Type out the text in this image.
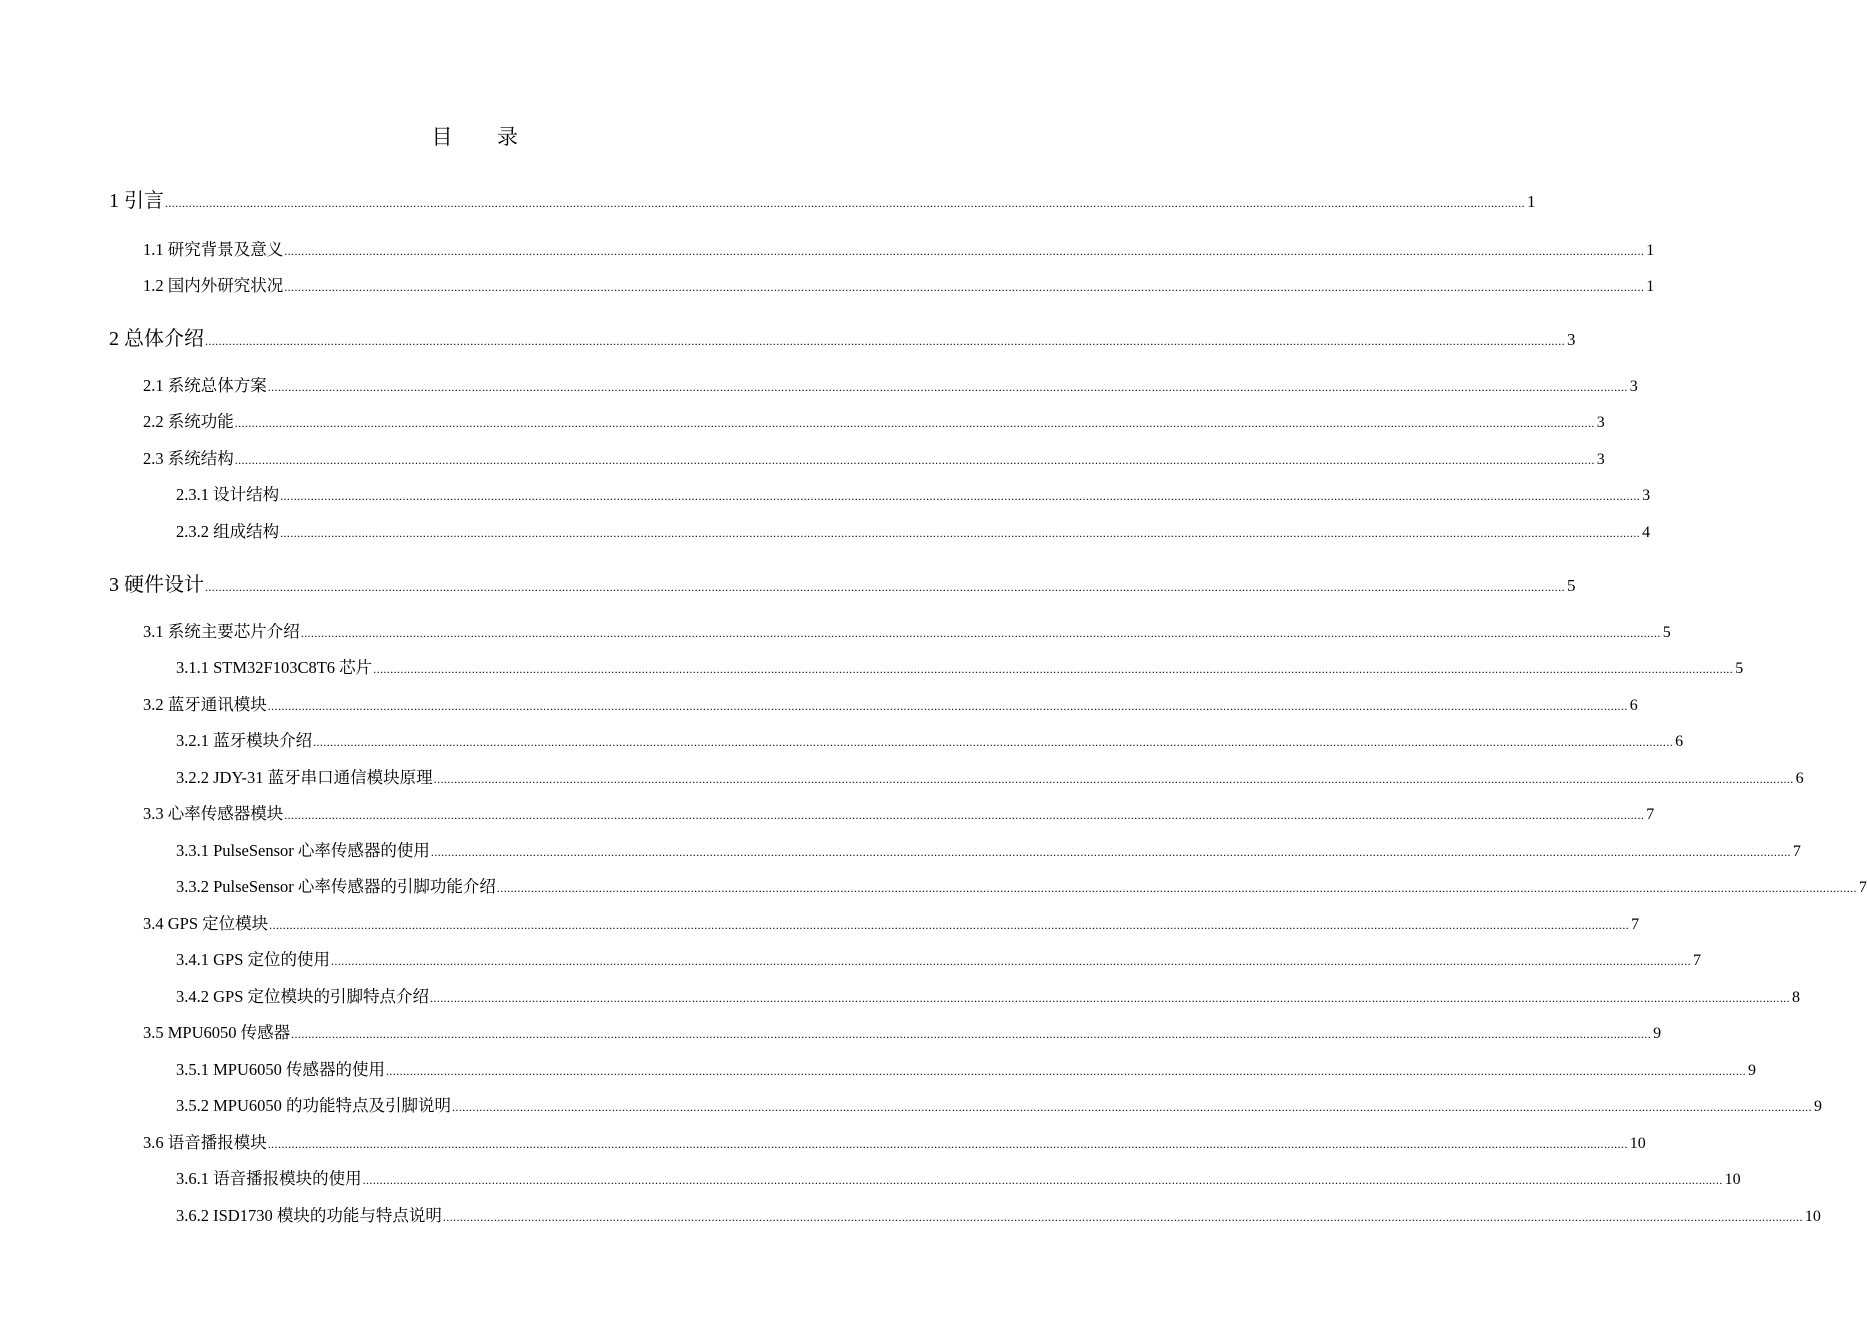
目 录
1 引言 ................................................................................................................................................................................................................................................................................................................................................................................................................ 1
1.1 研究背景及意义 ................................................................................................................................................................................................................................................................................................................................................................................................................ 1
1.2 国内外研究状况 ................................................................................................................................................................................................................................................................................................................................................................................................................ 1
2 总体介绍 ................................................................................................................................................................................................................................................................................................................................................................................................................ 3
2.1 系统总体方案 ................................................................................................................................................................................................................................................................................................................................................................................................................ 3
2.2 系统功能 ................................................................................................................................................................................................................................................................................................................................................................................................................ 3
2.3 系统结构 ................................................................................................................................................................................................................................................................................................................................................................................................................ 3
2.3.1 设计结构 ................................................................................................................................................................................................................................................................................................................................................................................................................ 3
2.3.2 组成结构 ................................................................................................................................................................................................................................................................................................................................................................................................................ 4
3 硬件设计 ................................................................................................................................................................................................................................................................................................................................................................................................................ 5
3.1 系统主要芯片介绍 ................................................................................................................................................................................................................................................................................................................................................................................................................ 5
3.1.1 STM32F103C8T6 芯片 ................................................................................................................................................................................................................................................................................................................................................................................................................ 5
3.2 蓝牙通讯模块 ................................................................................................................................................................................................................................................................................................................................................................................................................ 6
3.2.1 蓝牙模块介绍 ................................................................................................................................................................................................................................................................................................................................................................................................................ 6
3.2.2 JDY-31 蓝牙串口通信模块原理 ................................................................................................................................................................................................................................................................................................................................................................................................................ 6
3.3 心率传感器模块 ................................................................................................................................................................................................................................................................................................................................................................................................................ 7
3.3.1 PulseSensor 心率传感器的使用 ................................................................................................................................................................................................................................................................................................................................................................................................................ 7
3.3.2 PulseSensor 心率传感器的引脚功能介绍 ................................................................................................................................................................................................................................................................................................................................................................................................................ 7
3.4 GPS 定位模块 ................................................................................................................................................................................................................................................................................................................................................................................................................ 7
3.4.1 GPS 定位的使用 ................................................................................................................................................................................................................................................................................................................................................................................................................ 7
3.4.2 GPS 定位模块的引脚特点介绍 ................................................................................................................................................................................................................................................................................................................................................................................................................ 8
3.5 MPU6050 传感器 ................................................................................................................................................................................................................................................................................................................................................................................................................ 9
3.5.1 MPU6050 传感器的使用 ................................................................................................................................................................................................................................................................................................................................................................................................................ 9
3.5.2 MPU6050 的功能特点及引脚说明 ................................................................................................................................................................................................................................................................................................................................................................................................................ 9
3.6 语音播报模块 ................................................................................................................................................................................................................................................................................................................................................................................................................ 10
3.6.1 语音播报模块的使用 ................................................................................................................................................................................................................................................................................................................................................................................................................ 10
3.6.2 ISD1730 模块的功能与特点说明 ................................................................................................................................................................................................................................................................................................................................................................................................................ 10
